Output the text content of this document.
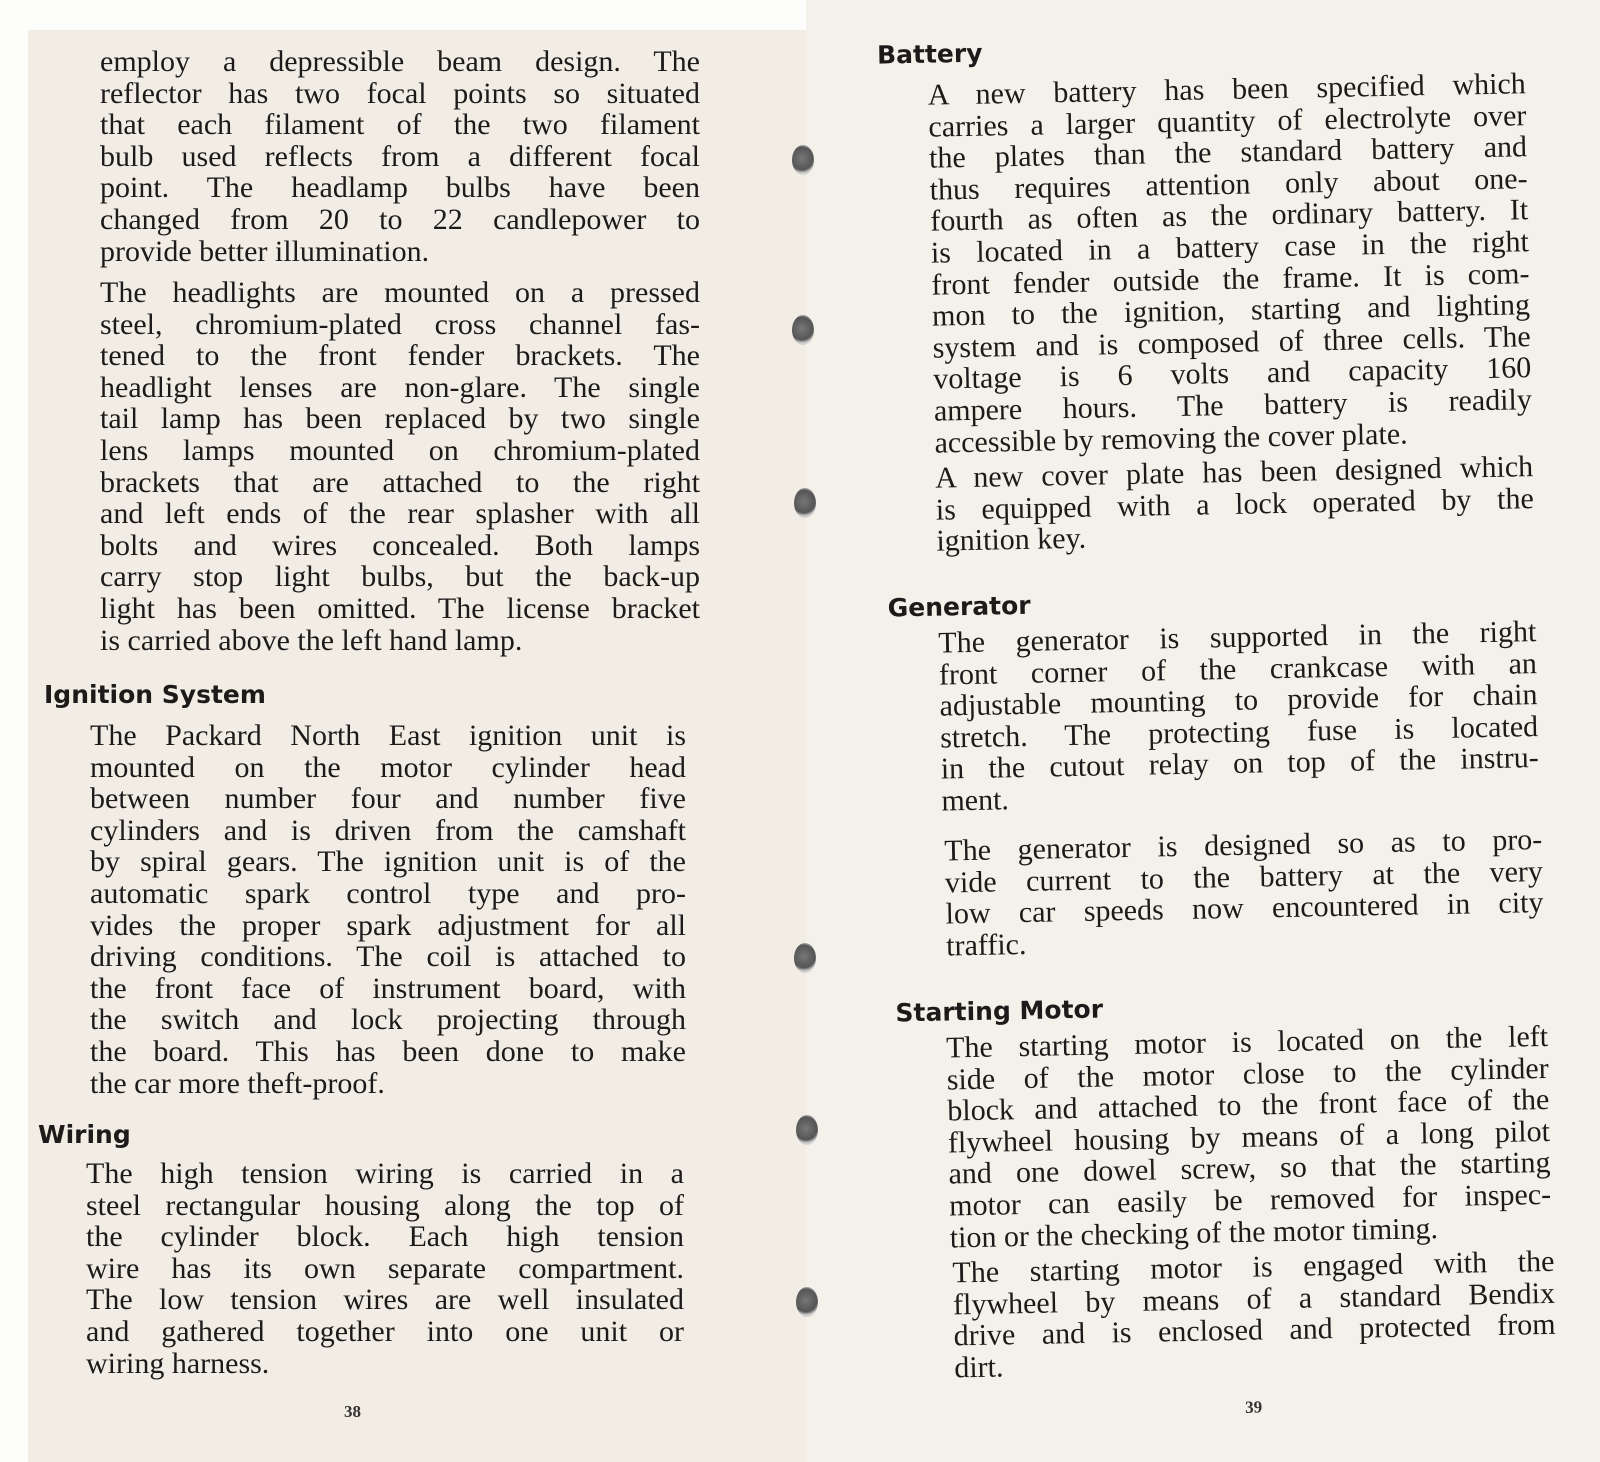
employ a depressible beam design. The
reflector has two focal points so situated
that each filament of the two filament
bulb used reflects from a different focal
point. The headlamp bulbs have been
changed from 20 to 22 candlepower to
provide better illumination.
The headlights are mounted on a pressed
steel, chromium-plated cross channel fas-
tened to the front fender brackets. The
headlight lenses are non-glare. The single
tail lamp has been replaced by two single
lens lamps mounted on chromium-plated
brackets that are attached to the right
and left ends of the rear splasher with all
bolts and wires concealed. Both lamps
carry stop light bulbs, but the back-up
light has been omitted. The license bracket
is carried above the left hand lamp.
Ignition System
The Packard North East ignition unit is
mounted on the motor cylinder head
between number four and number five
cylinders and is driven from the camshaft
by spiral gears. The ignition unit is of the
automatic spark control type and pro-
vides the proper spark adjustment for all
driving conditions. The coil is attached to
the front face of instrument board, with
the switch and lock projecting through
the board. This has been done to make
the car more theft-proof.
Wiring
The high tension wiring is carried in a
steel rectangular housing along the top of
the cylinder block. Each high tension
wire has its own separate compartment.
The low tension wires are well insulated
and gathered together into one unit or
wiring harness.
38
Battery
A new battery has been specified which
carries a larger quantity of electrolyte over
the plates than the standard battery and
thus requires attention only about one-
fourth as often as the ordinary battery. It
is located in a battery case in the right
front fender outside the frame. It is com-
mon to the ignition, starting and lighting
system and is composed of three cells. The
voltage is 6 volts and capacity 160
ampere hours. The battery is readily
accessible by removing the cover plate.
A new cover plate has been designed which
is equipped with a lock operated by the
ignition key.
Generator
The generator is supported in the right
front corner of the crankcase with an
adjustable mounting to provide for chain
stretch. The protecting fuse is located
in the cutout relay on top of the instru-
ment.
The generator is designed so as to pro-
vide current to the battery at the very
low car speeds now encountered in city
traffic.
Starting Motor
The starting motor is located on the left
side of the motor close to the cylinder
block and attached to the front face of the
flywheel housing by means of a long pilot
and one dowel screw, so that the starting
motor can easily be removed for inspec-
tion or the checking of the motor timing.
The starting motor is engaged with the
flywheel by means of a standard Bendix
drive and is enclosed and protected from
dirt.
39
